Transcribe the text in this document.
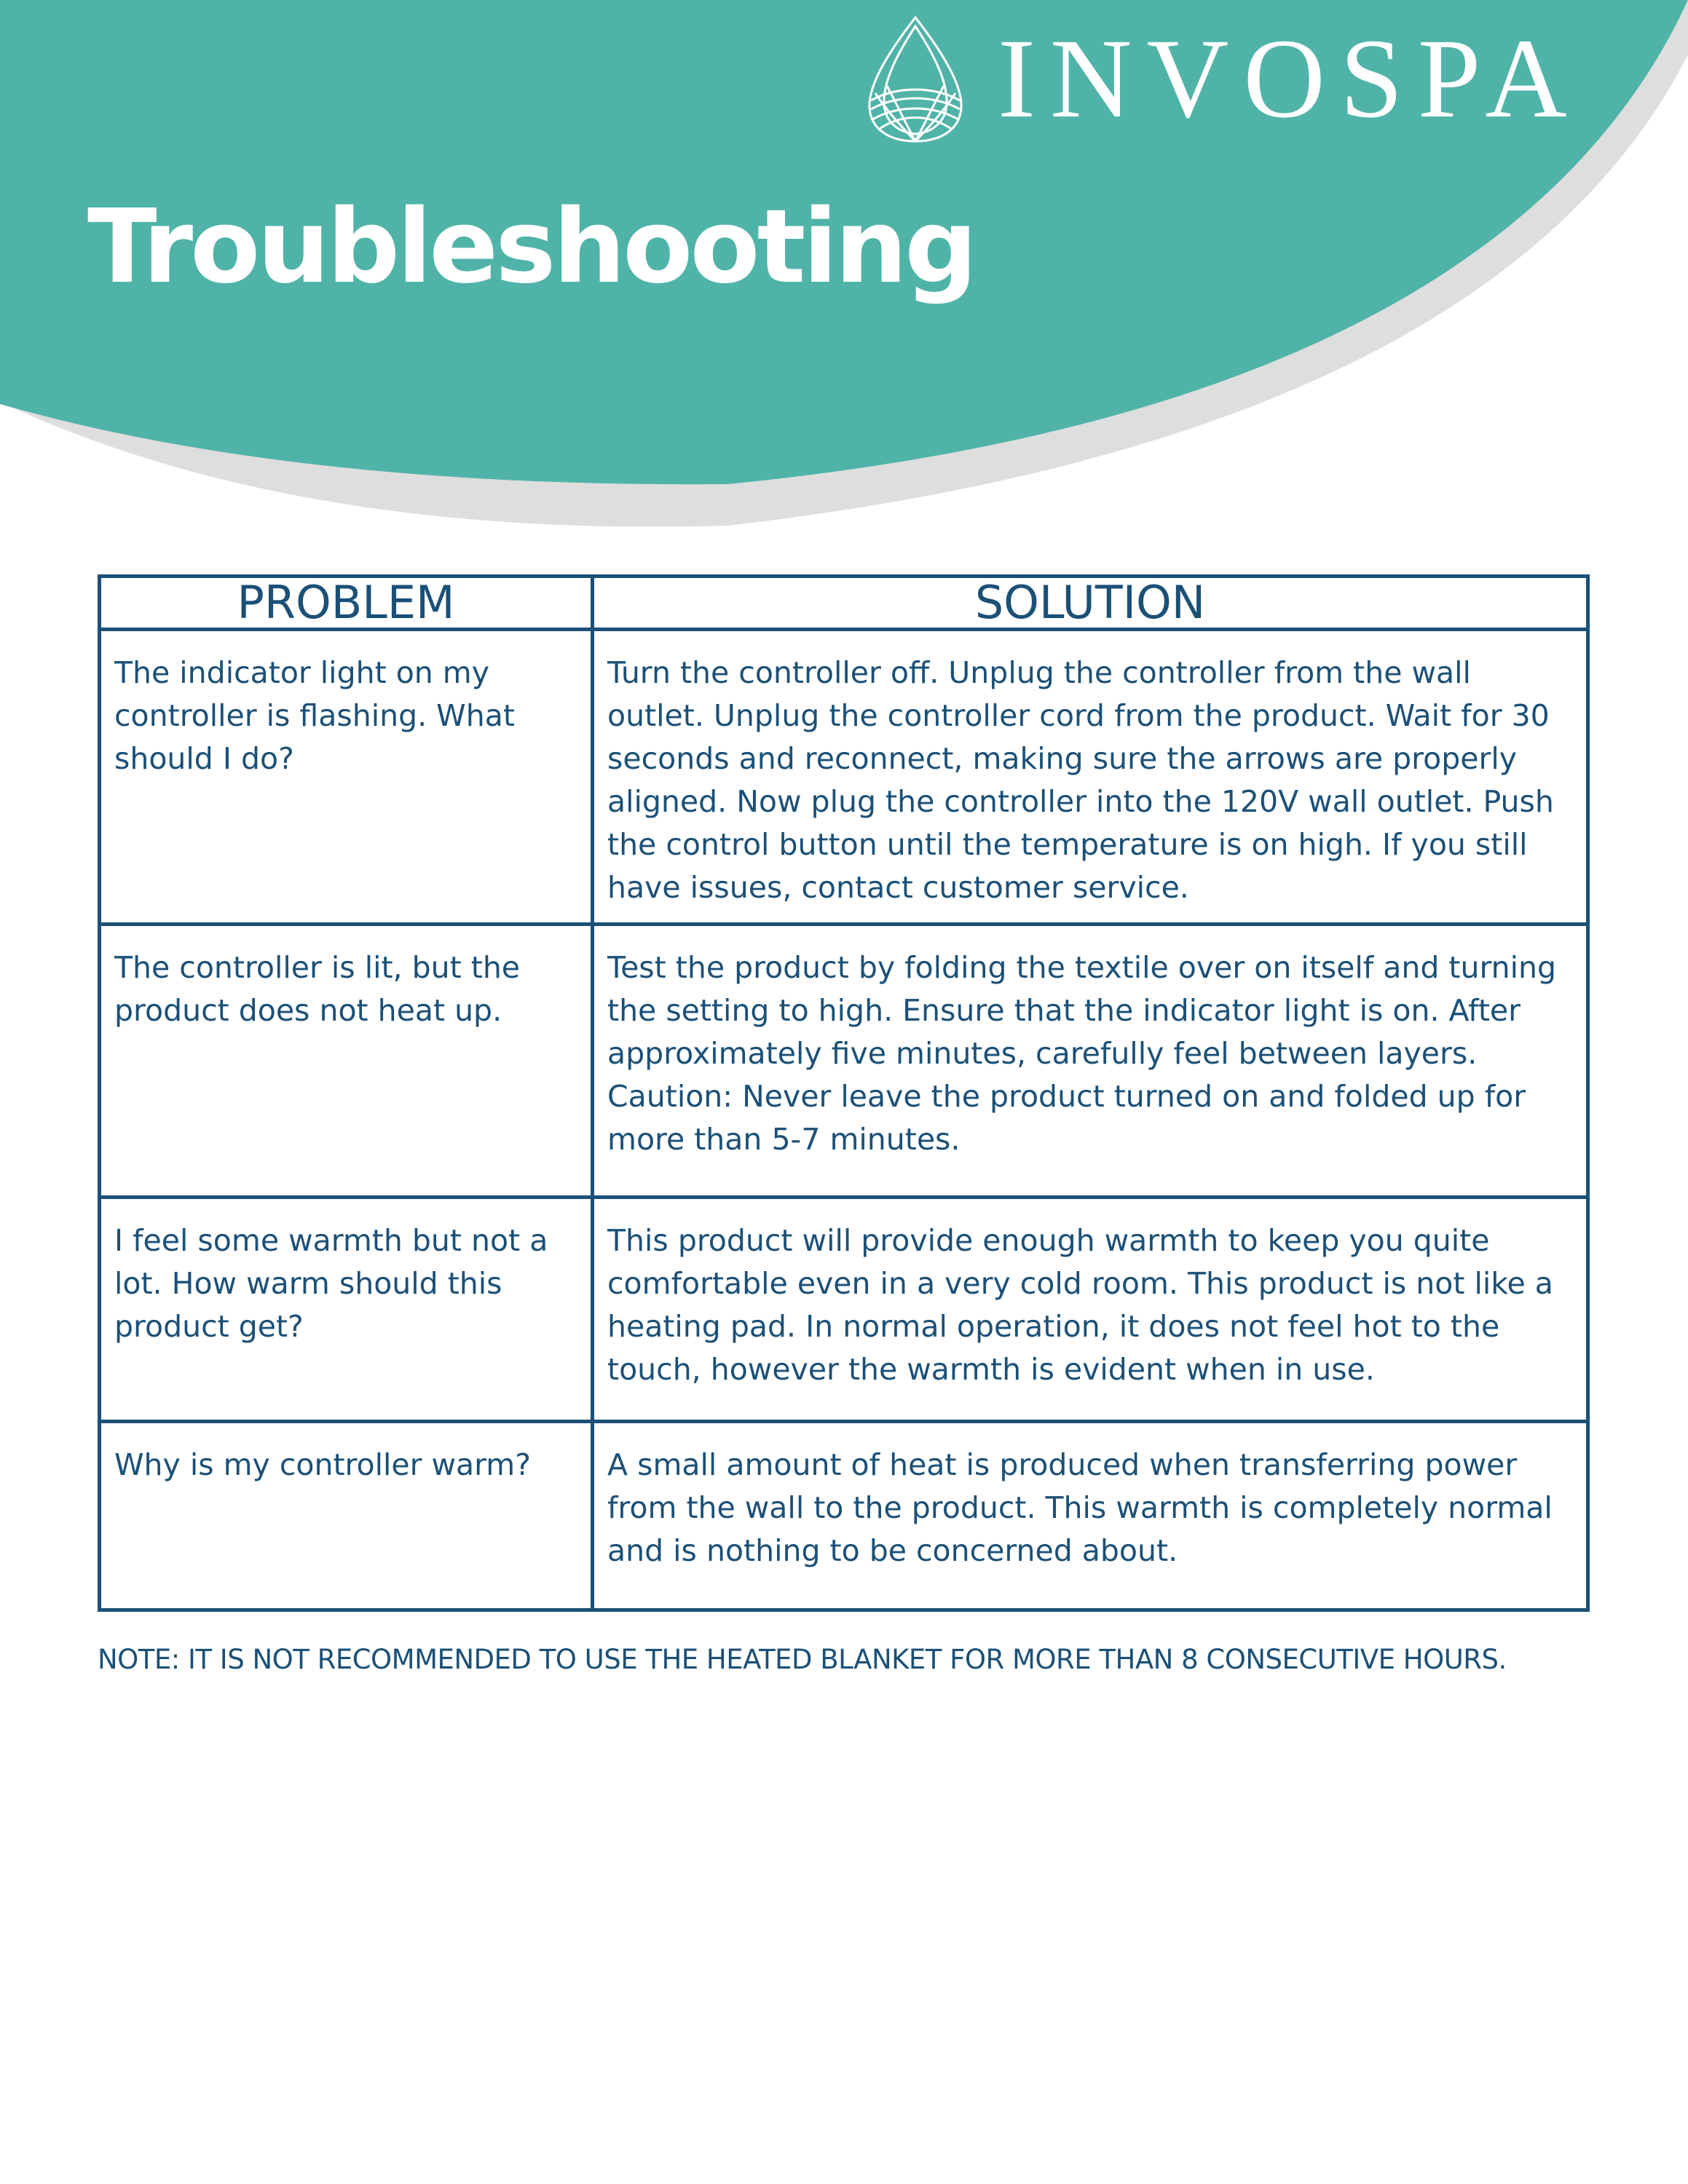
INVOSPA
Troubleshooting
PROBLEM	SOLUTION
The indicator light on my controller is flashing. What should I do?	Turn the controller off. Unplug the controller from the wall outlet. Unplug the controller cord from the product. Wait for 30 seconds and reconnect, making sure the arrows are properly aligned. Now plug the controller into the 120V wall outlet. Push the control button until the temperature is on high. If you still have issues, contact customer service.
The controller is lit, but the product does not heat up.	Test the product by folding the textile over on itself and turning the setting to high. Ensure that the indicator light is on. After approximately five minutes, carefully feel between layers. Caution: Never leave the product turned on and folded up for more than 5-7 minutes.
I feel some warmth but not a lot. How warm should this product get?	This product will provide enough warmth to keep you quite comfortable even in a very cold room. This product is not like a heating pad. In normal operation, it does not feel hot to the touch, however the warmth is evident when in use.
Why is my controller warm?	A small amount of heat is produced when transferring power from the wall to the product. This warmth is completely normal and is nothing to be concerned about.
NOTE: IT IS NOT RECOMMENDED TO USE THE HEATED BLANKET FOR MORE THAN 8 CONSECUTIVE HOURS.
